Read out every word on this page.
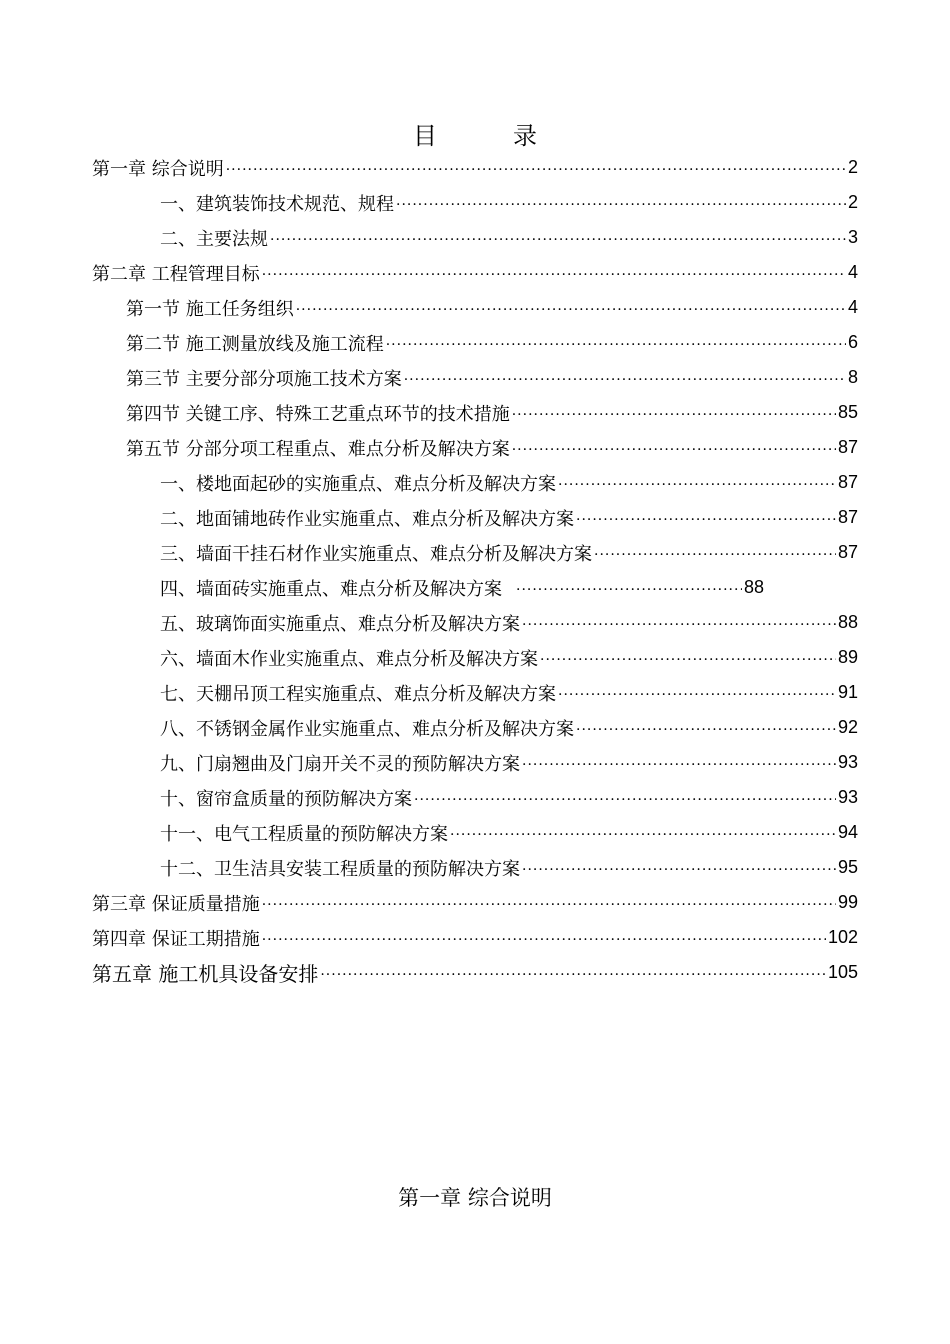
目　录
第一章 综合说明 ·····	2
一、建筑装饰技术规范、规程 ·····	2
二、主要法规 ·····	3
第二章 工程管理目标 ·····	4
第一节 施工任务组织 ·····	4
第二节 施工测量放线及施工流程 ·····	6
第三节 主要分部分项施工技术方案 ·····	8
第四节 关键工序、特殊工艺重点环节的技术措施 ·····	85
第五节 分部分项工程重点、难点分析及解决方案 ·····	87
一、楼地面起砂的实施重点、难点分析及解决方案 ·····	87
二、地面铺地砖作业实施重点、难点分析及解决方案 ·····	87
三、墙面干挂石材作业实施重点、难点分析及解决方案 ·····	87
四、墙面砖实施重点、难点分析及解决方案 ·····	88
五、玻璃饰面实施重点、难点分析及解决方案 ·····	88
六、墙面木作业实施重点、难点分析及解决方案 ·····	89
七、天棚吊顶工程实施重点、难点分析及解决方案 ·····	91
八、不锈钢金属作业实施重点、难点分析及解决方案 ·····	92
九、门扇翘曲及门扇开关不灵的预防解决方案 ·····	93
十、窗帘盒质量的预防解决方案 ·····	93
十一、电气工程质量的预防解决方案 ·····	94
十二、卫生洁具安装工程质量的预防解决方案 ·····	95
第三章 保证质量措施 ·····	99
第四章 保证工期措施 ·····	102
第五章 施工机具设备安排 ·····	105
第一章 综合说明
